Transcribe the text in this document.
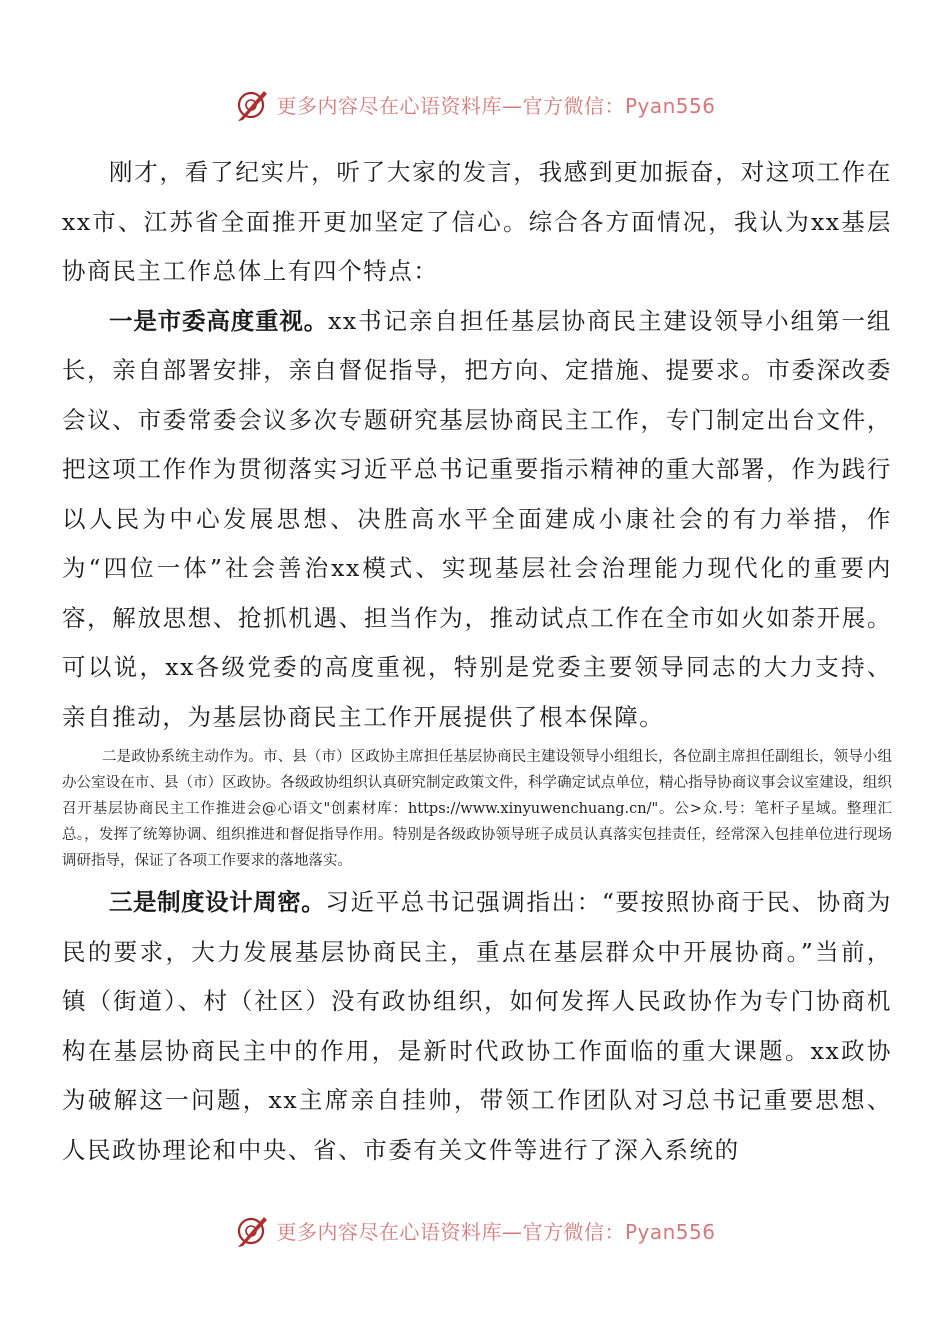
更多内容尽在心语资料库—官方微信：Pyan556

刚才，看了纪实片，听了大家的发言，我感到更加振奋，对这项工作在xx市、江苏省全面推开更加坚定了信心。综合各方面情况，我认为xx基层协商民主工作总体上有四个特点：

一是市委高度重视。xx书记亲自担任基层协商民主建设领导小组第一组长，亲自部署安排，亲自督促指导，把方向、定措施、提要求。市委深改委会议、市委常委会议多次专题研究基层协商民主工作，专门制定出台文件，把这项工作作为贯彻落实习近平总书记重要指示精神的重大部署，作为践行以人民为中心发展思想、决胜高水平全面建成小康社会的有力举措，作为“四位一体”社会善治xx模式、实现基层社会治理能力现代化的重要内容，解放思想、抢抓机遇、担当作为，推动试点工作在全市如火如荼开展。可以说，xx各级党委的高度重视，特别是党委主要领导同志的大力支持、亲自推动，为基层协商民主工作开展提供了根本保障。

二是政协系统主动作为。市、县（市）区政协主席担任基层协商民主建设领导小组组长，各位副主席担任副组长，领导小组办公室设在市、县（市）区政协。各级政协组织认真研究制定政策文件，科学确定试点单位，精心指导协商议事会议室建设，组织召开基层协商民主工作推进会@心语文"创素材库：https://www.xinyuwenchuang.cn/"。公>众.号：笔杆子星域。整理汇总。，发挥了统筹协调、组织推进和督促指导作用。特别是各级政协领导班子成员认真落实包挂责任，经常深入包挂单位进行现场调研指导，保证了各项工作要求的落地落实。

三是制度设计周密。习近平总书记强调指出：“要按照协商于民、协商为民的要求，大力发展基层协商民主，重点在基层群众中开展协商。”当前，镇（街道）、村（社区）没有政协组织，如何发挥人民政协作为专门协商机构在基层协商民主中的作用，是新时代政协工作面临的重大课题。xx政协为破解这一问题，xx主席亲自挂帅，带领工作团队对习总书记重要思想、人民政协理论和中央、省、市委有关文件等进行了深入系统的

更多内容尽在心语资料库—官方微信：Pyan556
